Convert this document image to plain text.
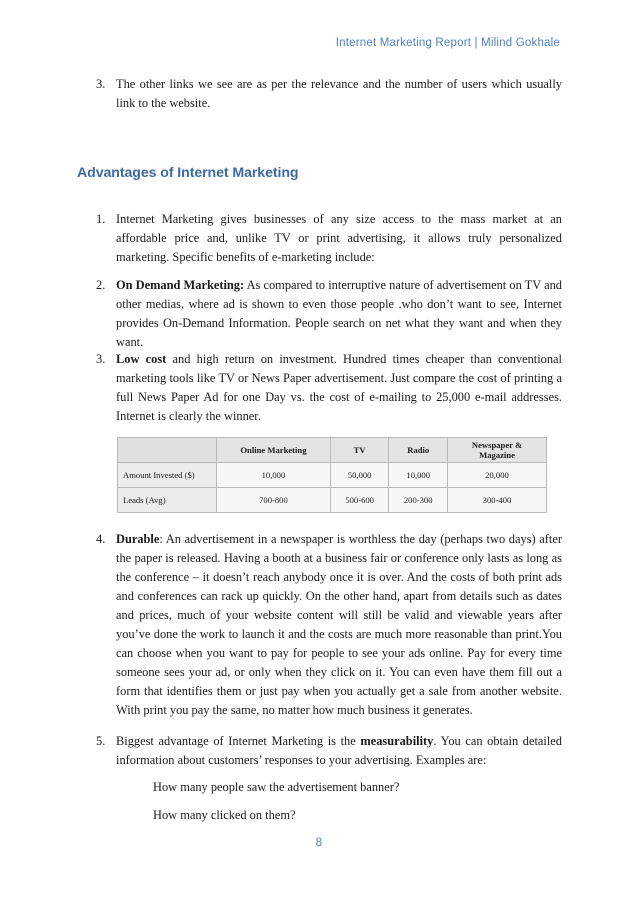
Internet Marketing Report | Milind Gokhale
3. The other links we see are as per the relevance and the number of users which usually link to the website.
Advantages of Internet Marketing
1. Internet Marketing gives businesses of any size access to the mass market at an affordable price and, unlike TV or print advertising, it allows truly personalized marketing. Specific benefits of e-marketing include:
2. On Demand Marketing: As compared to interruptive nature of advertisement on TV and other medias, where ad is shown to even those people .who don’t want to see, Internet provides On-Demand Information. People search on net what they want and when they want.
3. Low cost and high return on investment. Hundred times cheaper than conventional marketing tools like TV or News Paper advertisement. Just compare the cost of printing a full News Paper Ad for one Day vs. the cost of e-mailing to 25,000 e-mail addresses. Internet is clearly the winner.
	Online Marketing	TV	Radio	Newspaper & Magazine
Amount Invested ($)	10,000	50,000	10,000	20,000
Leads (Avg)	700-800	500-600	200-300	300-400
4. Durable: An advertisement in a newspaper is worthless the day (perhaps two days) after the paper is released. Having a booth at a business fair or conference only lasts as long as the conference – it doesn’t reach anybody once it is over. And the costs of both print ads and conferences can rack up quickly. On the other hand, apart from details such as dates and prices, much of your website content will still be valid and viewable years after you’ve done the work to launch it and the costs are much more reasonable than print.You can choose when you want to pay for people to see your ads online. Pay for every time someone sees your ad, or only when they click on it. You can even have them fill out a form that identifies them or just pay when you actually get a sale from another website. With print you pay the same, no matter how much business it generates.
5. Biggest advantage of Internet Marketing is the measurability. You can obtain detailed information about customers’ responses to your advertising. Examples are:
How many people saw the advertisement banner?
How many clicked on them?
8
